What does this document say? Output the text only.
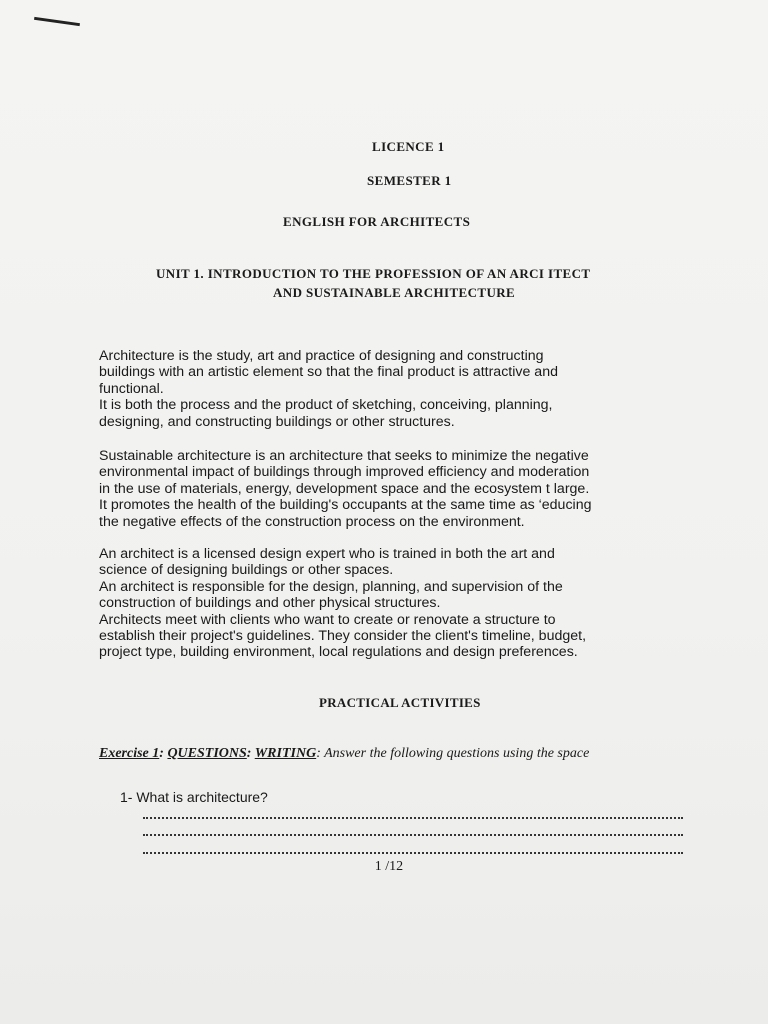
LICENCE 1
SEMESTER 1
ENGLISH FOR ARCHITECTS
UNIT 1. INTRODUCTION TO THE PROFESSION OF AN ARCI ITECT
AND SUSTAINABLE ARCHITECTURE
Architecture is the study, art and practice of designing and constructing
buildings with an artistic element so that the final product is attractive and
functional.
It is both the process and the product of sketching, conceiving, planning,
designing, and constructing buildings or other structures.
Sustainable architecture is an architecture that seeks to minimize the negative
environmental impact of buildings through improved efficiency and moderation
in the use of materials, energy, development space and the ecosystem t large.
It promotes the health of the building's occupants at the same time as ‘educing
the negative effects of the construction process on the environment.
An architect is a licensed design expert who is trained in both the art and
science of designing buildings or other spaces.
An architect is responsible for the design, planning, and supervision of the
construction of buildings and other physical structures.
Architects meet with clients who want to create or renovate a structure to
establish their project's guidelines. They consider the client's timeline, budget,
project type, building environment, local regulations and design preferences.
PRACTICAL ACTIVITIES
Exercise 1: QUESTIONS: WRITING: Answer the following questions using the space
1- What is architecture?
1 /12
